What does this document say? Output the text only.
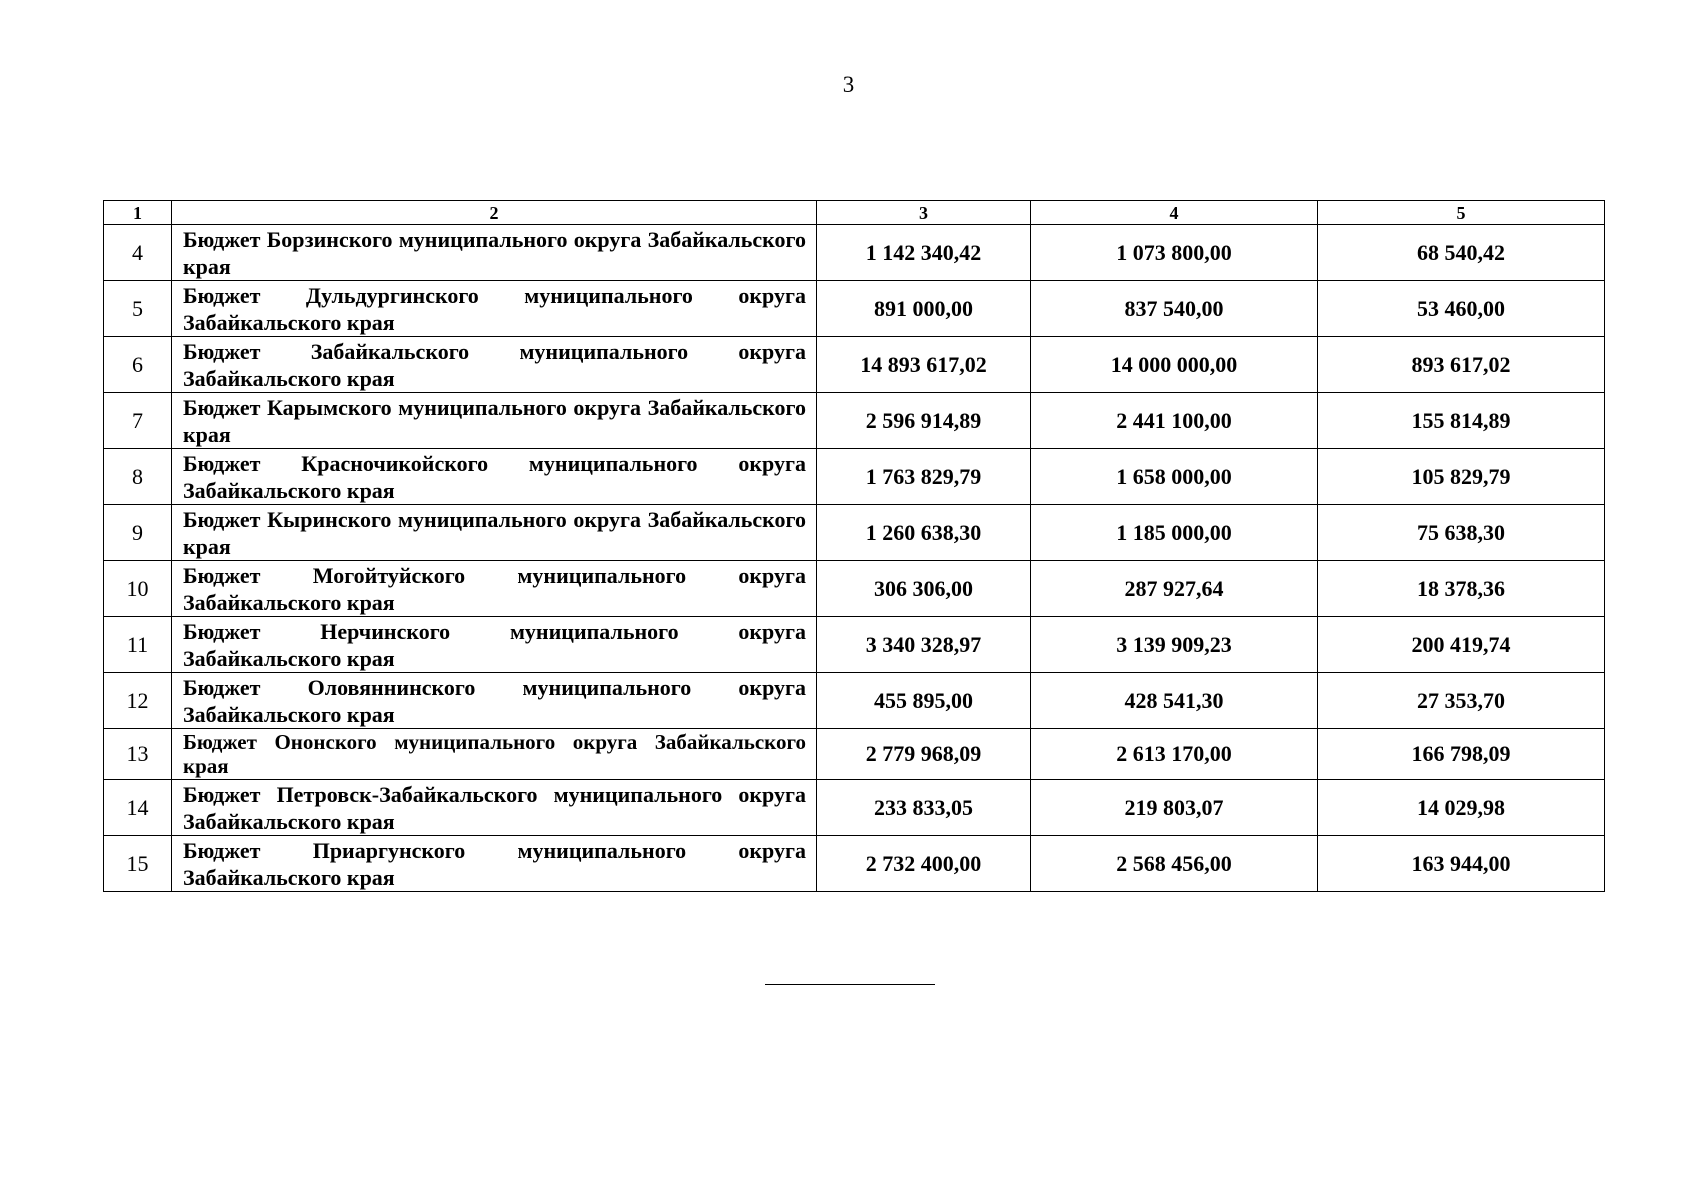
3
1	2	3	4	5
4	Бюджет Борзинского муниципального округа Забайкальского края	1 142 340,42	1 073 800,00	68 540,42
5	Бюджет Дульдургинского муниципального округа Забайкальского края	891 000,00	837 540,00	53 460,00
6	Бюджет Забайкальского муниципального округа Забайкальского края	14 893 617,02	14 000 000,00	893 617,02
7	Бюджет Карымского муниципального округа Забайкальского края	2 596 914,89	2 441 100,00	155 814,89
8	Бюджет Красночикойского муниципального округа Забайкальского края	1 763 829,79	1 658 000,00	105 829,79
9	Бюджет Кыринского муниципального округа Забайкальского края	1 260 638,30	1 185 000,00	75 638,30
10	Бюджет Могойтуйского муниципального округа Забайкальского края	306 306,00	287 927,64	18 378,36
11	Бюджет Нерчинского муниципального округа Забайкальского края	3 340 328,97	3 139 909,23	200 419,74
12	Бюджет Оловяннинского муниципального округа Забайкальского края	455 895,00	428 541,30	27 353,70
13	Бюджет Ононского муниципального округа Забайкальского края	2 779 968,09	2 613 170,00	166 798,09
14	Бюджет Петровск-Забайкальского муниципального округа Забайкальского края	233 833,05	219 803,07	14 029,98
15	Бюджет Приаргунского муниципального округа Забайкальского края	2 732 400,00	2 568 456,00	163 944,00
